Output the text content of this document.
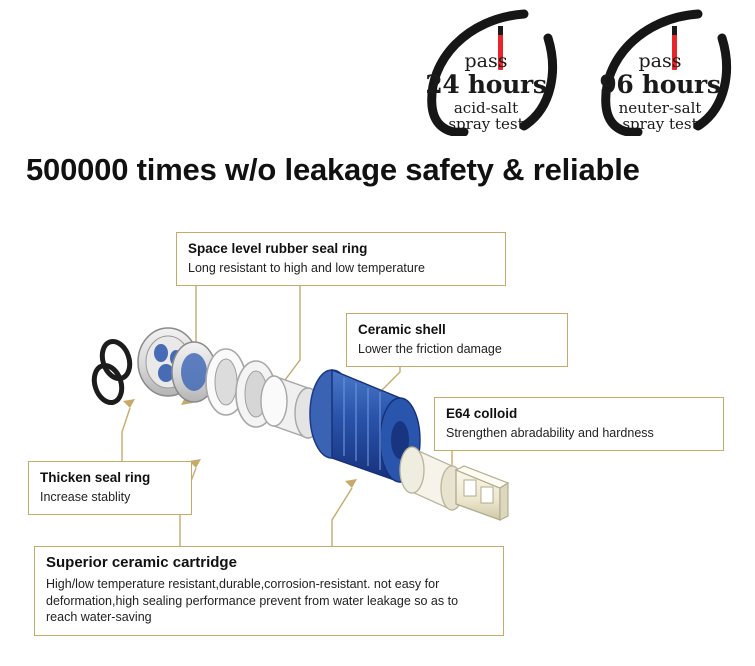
pass
24 hours
acid-salt
spray test
pass
96 hours
neuter-salt
spray test
500000 times w/o leakage safety & reliable
Space level rubber seal ring
Long resistant to high and low temperature
Ceramic shell
Lower the friction damage
E64 colloid
Strengthen abradability and hardness
Thicken seal ring
Increase stablity
Superior ceramic cartridge
High/low temperature resistant,durable,corrosion-resistant. not easy for deformation,high sealing performance prevent from water leakage so as to reach water-saving
